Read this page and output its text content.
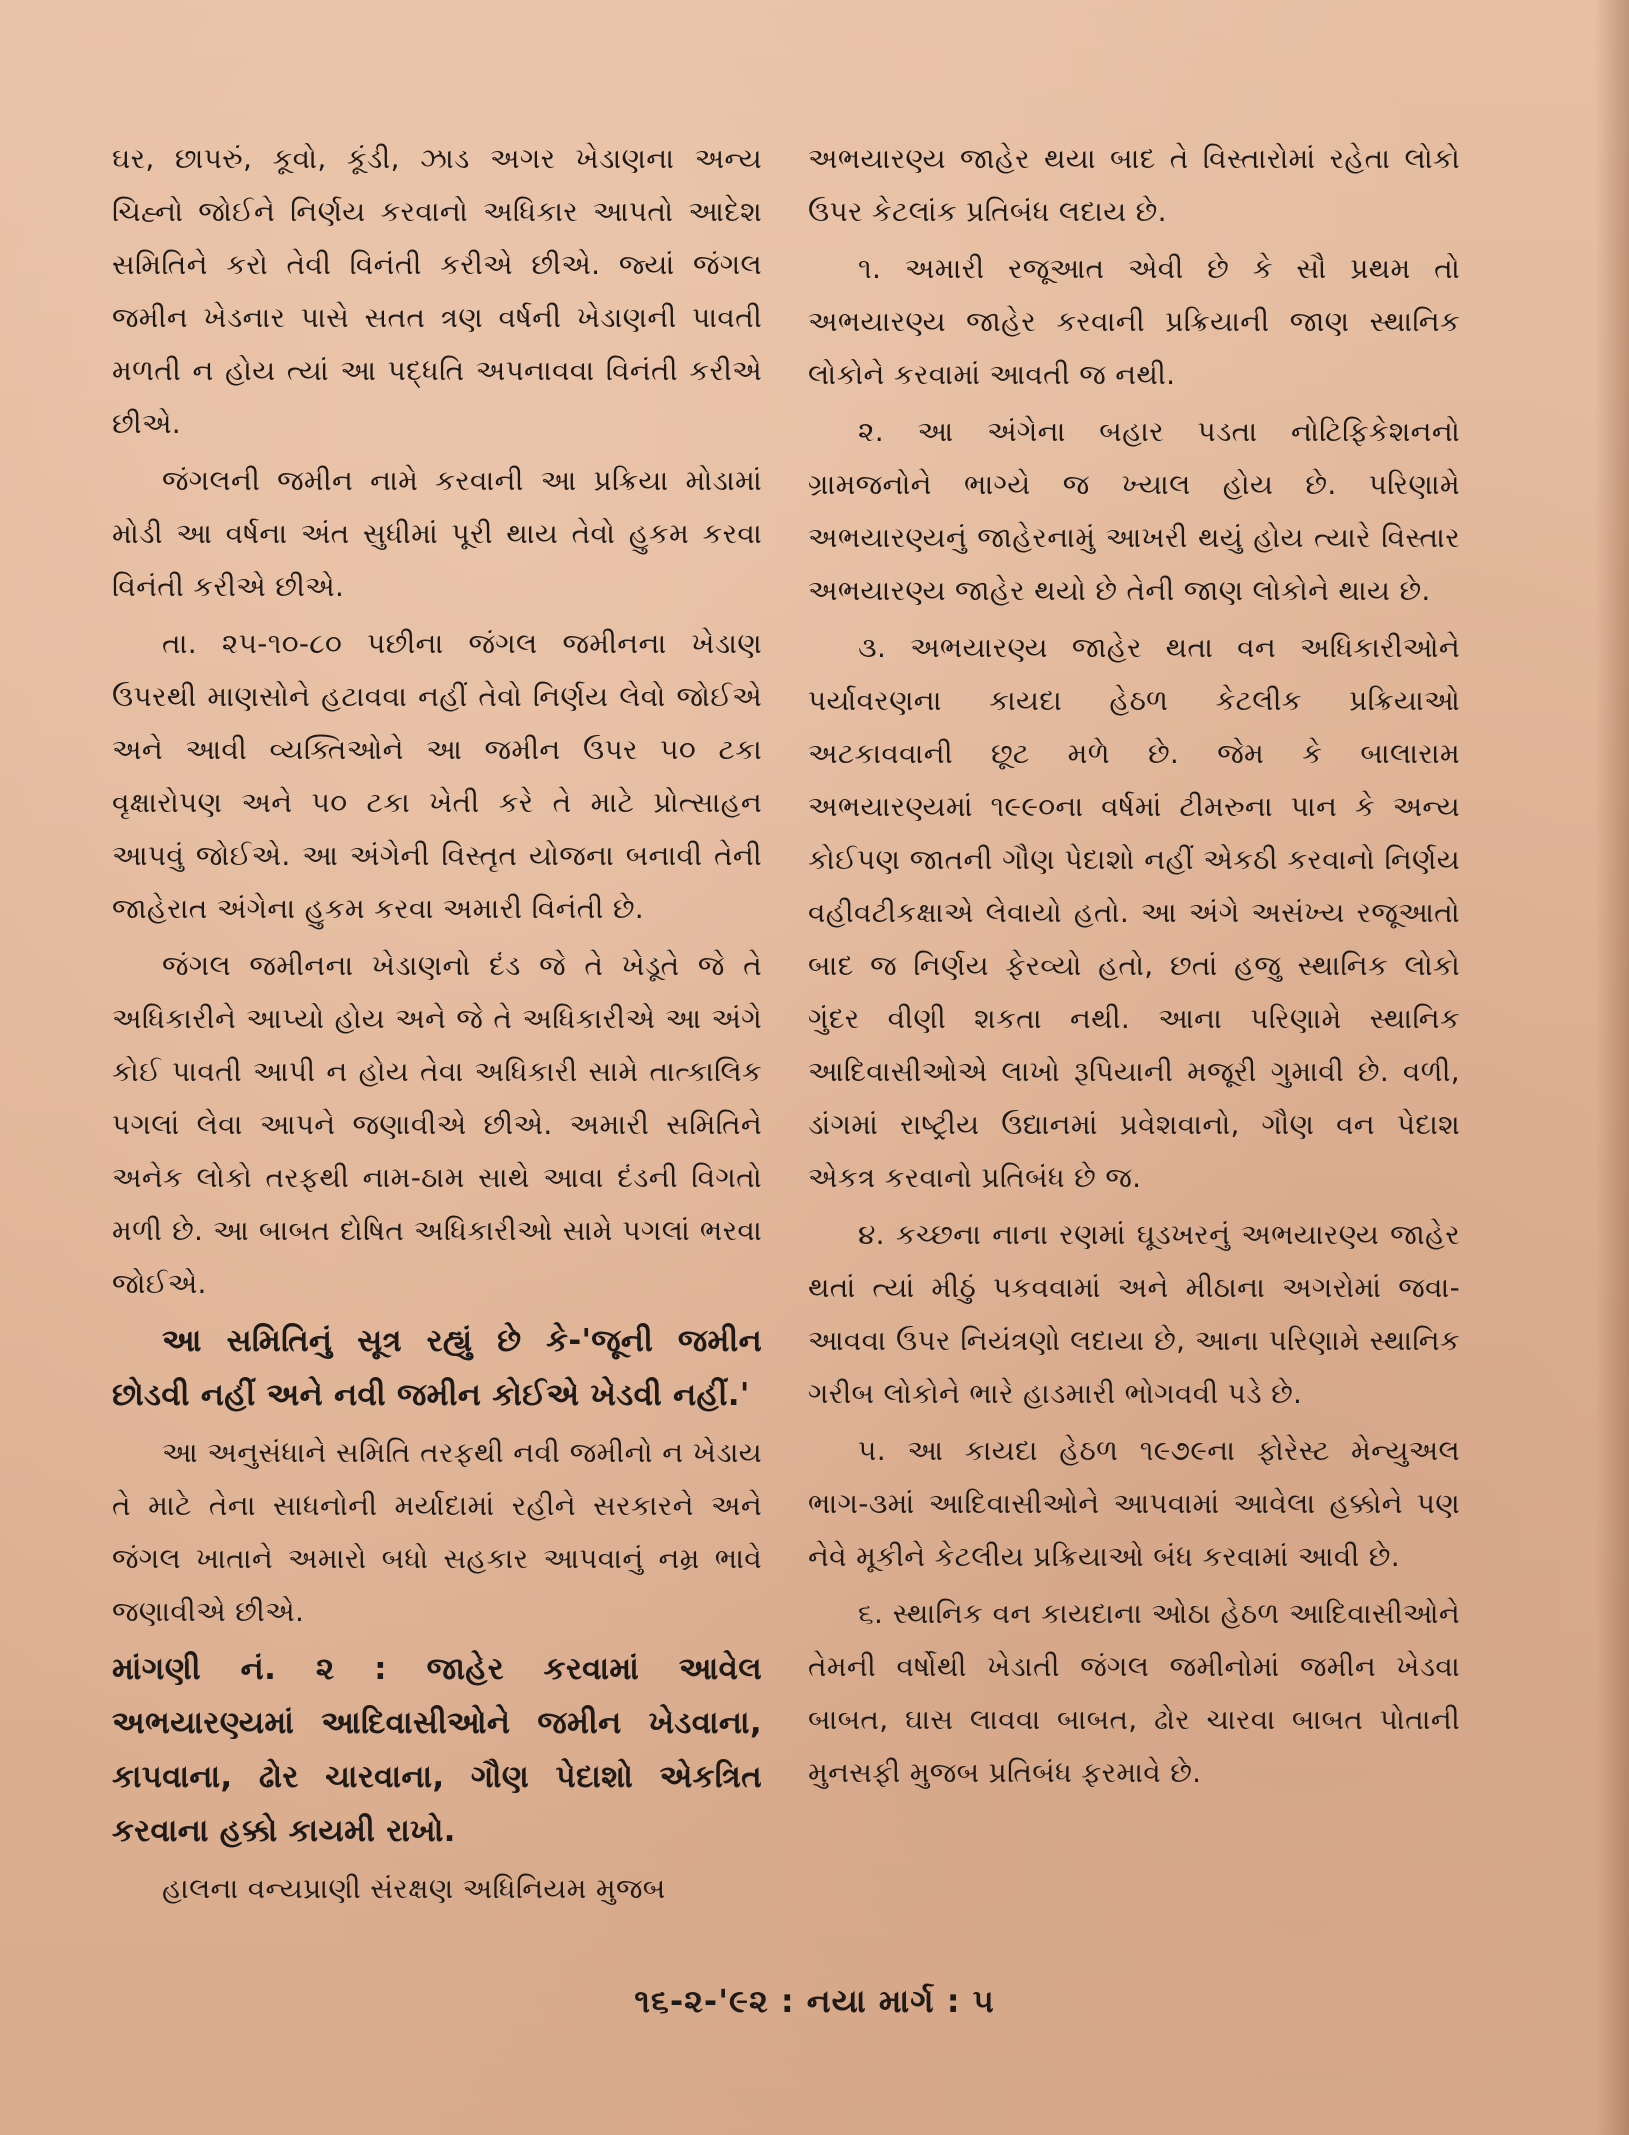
ઘર, છાપરું, કૂવો, કૂંડી, ઝાડ અગર ખેડાણના અન્ય ચિહ્નો જોઈને નિર્ણય કરવાનો અધિકાર આપતો આદેશ સમિતિને કરો તેવી વિનંતી કરીએ છીએ. જ્યાં જંગલ જમીન ખેડનાર પાસે સતત ત્રણ વર્ષની ખેડાણની પાવતી મળતી ન હોય ત્યાં આ પદ્ધતિ અપનાવવા વિનંતી કરીએ છીએ.

જંગલની જમીન નામે કરવાની આ પ્રક્રિયા મોડામાં મોડી આ વર્ષના અંત સુધીમાં પૂરી થાય તેવો હુકમ કરવા વિનંતી કરીએ છીએ.

તા. ૨૫-૧૦-૮૦ પછીના જંગલ જમીનના ખેડાણ ઉપરથી માણસોને હટાવવા નહીં તેવો નિર્ણય લેવો જોઈએ અને આવી વ્યક્તિઓને આ જમીન ઉપર ૫૦ ટકા વૃક્ષારોપણ અને ૫૦ ટકા ખેતી કરે તે માટે પ્રોત્સાહન આપવું જોઈએ. આ અંગેની વિસ્તૃત યોજના બનાવી તેની જાહેરાત અંગેના હુકમ કરવા અમારી વિનંતી છે.

જંગલ જમીનના ખેડાણનો દંડ જે તે ખેડૂતે જે તે અધિકારીને આપ્યો હોય અને જે તે અધિકારીએ આ અંગે કોઈ પાવતી આપી ન હોય તેવા અધિકારી સામે તાત્કાલિક પગલાં લેવા આપને જણાવીએ છીએ. અમારી સમિતિને અનેક લોકો તરફથી નામ-ઠામ સાથે આવા દંડની વિગતો મળી છે. આ બાબત દોષિત અધિકારીઓ સામે પગલાં ભરવા જોઈએ.

આ સમિતિનું સૂત્ર રહ્યું છે કે-'જૂની જમીન છોડવી નહીં અને નવી જમીન કોઈએ ખેડવી નહીં.'

આ અનુસંધાને સમિતિ તરફથી નવી જમીનો ન ખેડાય તે માટે તેના સાધનોની મર્યાદામાં રહીને સરકારને અને જંગલ ખાતાને અમારો બધો સહકાર આપવાનું નમ્ર ભાવે જણાવીએ છીએ.

માંગણી નં. ૨ : જાહેર કરવામાં આવેલ અભયારણ્યમાં આદિવાસીઓને જમીન ખેડવાના, કાપવાના, ઢોર ચારવાના, ગૌણ પેદાશો એકત્રિત કરવાના હક્કો કાયમી રાખો.

હાલના વન્યપ્રાણી સંરક્ષણ અધિનિયમ મુજબ

અભયારણ્ય જાહેર થયા બાદ તે વિસ્તારોમાં રહેતા લોકો ઉપર કેટલાંક પ્રતિબંધ લદાય છે.

૧. અમારી રજૂઆત એવી છે કે સૌ પ્રથમ તો અભયારણ્ય જાહેર કરવાની પ્રક્રિયાની જાણ સ્થાનિક લોકોને કરવામાં આવતી જ નથી.

૨. આ અંગેના બહાર પડતા નોટિફિકેશનનો ગ્રામજનોને ભાગ્યે જ ખ્યાલ હોય છે. પરિણામે અભયારણ્યનું જાહેરનામું આખરી થયું હોય ત્યારે વિસ્તાર અભયારણ્ય જાહેર થયો છે તેની જાણ લોકોને થાય છે.

૩. અભયારણ્ય જાહેર થતા વન અધિકારીઓને પર્યાવરણના કાયદા હેઠળ કેટલીક પ્રક્રિયાઓ અટકાવવાની છૂટ મળે છે. જેમ કે બાલારામ અભયારણ્યમાં ૧૯૯૦ના વર્ષમાં ટીમરુના પાન કે અન્ય કોઈપણ જાતની ગૌણ પેદાશો નહીં એકઠી કરવાનો નિર્ણય વહીવટીકક્ષાએ લેવાયો હતો. આ અંગે અસંખ્ય રજૂઆતો બાદ જ નિર્ણય ફેરવ્યો હતો, છતાં હજુ સ્થાનિક લોકો ગુંદર વીણી શકતા નથી. આના પરિણામે સ્થાનિક આદિવાસીઓએ લાખો રૂપિયાની મજૂરી ગુમાવી છે. વળી, ડાંગમાં રાષ્ટ્રીય ઉદ્યાનમાં પ્રવેશવાનો, ગૌણ વન પેદાશ એકત્ર કરવાનો પ્રતિબંધ છે જ.

૪. કચ્છના નાના રણમાં ઘૂડખરનું અભયારણ્ય જાહેર થતાં ત્યાં મીઠું પકવવામાં અને મીઠાના અગરોમાં જવા-આવવા ઉપર નિયંત્રણો લદાયા છે, આના પરિણામે સ્થાનિક ગરીબ લોકોને ભારે હાડમારી ભોગવવી પડે છે.

૫. આ કાયદા હેઠળ ૧૯૭૯ના ફોરેસ્ટ મેન્યુઅલ ભાગ-૩માં આદિવાસીઓને આપવામાં આવેલા હક્કોને પણ નેવે મૂકીને કેટલીય પ્રક્રિયાઓ બંધ કરવામાં આવી છે.

૬. સ્થાનિક વન કાયદાના ઓઠા હેઠળ આદિવાસીઓને તેમની વર્ષોથી ખેડાતી જંગલ જમીનોમાં જમીન ખેડવા બાબત, ઘાસ લાવવા બાબત, ઢોર ચારવા બાબત પોતાની મુનસફી મુજબ પ્રતિબંધ ફરમાવે છે.

૧૬-૨-'૯૨ : નયા માર્ગ : ૫
